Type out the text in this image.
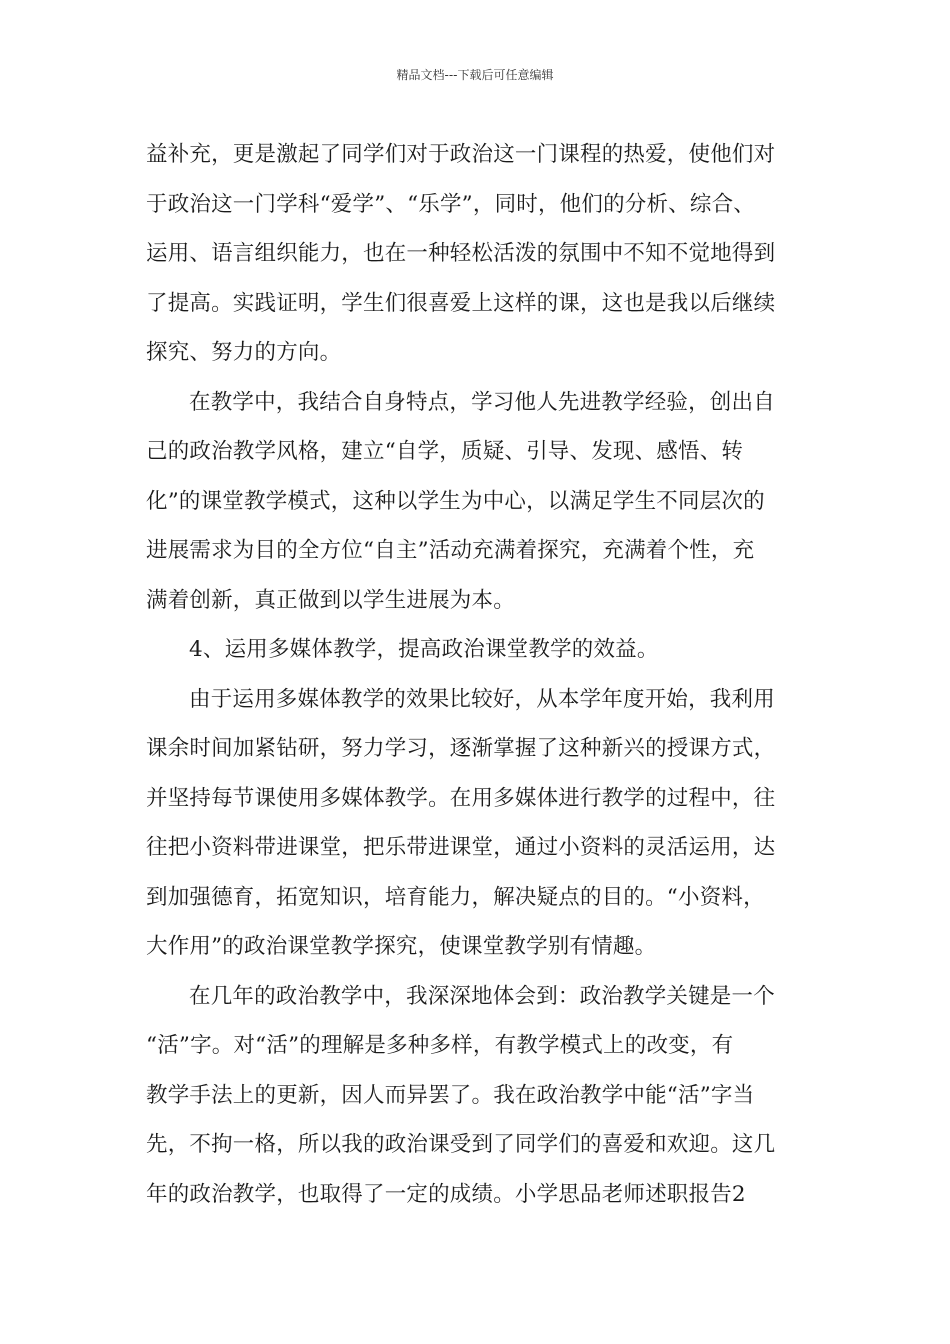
精品文档---下载后可任意编辑
益补充，更是激起了同学们对于政治这一门课程的热爱，使他们对
于政治这一门学科“爱学”、“乐学”，同时，他们的分析、综合、
运用、语言组织能力，也在一种轻松活泼的氛围中不知不觉地得到
了提高。实践证明，学生们很喜爱上这样的课，这也是我以后继续
探究、努力的方向。
在教学中，我结合自身特点，学习他人先进教学经验，创出自
己的政治教学风格，建立“自学，质疑、引导、发现、感悟、转
化”的课堂教学模式，这种以学生为中心，以满足学生不同层次的
进展需求为目的全方位“自主”活动充满着探究，充满着个性，充
满着创新，真正做到以学生进展为本。
4、运用多媒体教学，提高政治课堂教学的效益。
由于运用多媒体教学的效果比较好，从本学年度开始，我利用
课余时间加紧钻研，努力学习，逐渐掌握了这种新兴的授课方式，
并坚持每节课使用多媒体教学。在用多媒体进行教学的过程中，往
往把小资料带进课堂，把乐带进课堂，通过小资料的灵活运用，达
到加强德育，拓宽知识，培育能力，解决疑点的目的。“小资料，
大作用”的政治课堂教学探究，使课堂教学别有情趣。
在几年的政治教学中，我深深地体会到：政治教学关键是一个
“活”字。对“活”的理解是多种多样，有教学模式上的改变，有
教学手法上的更新，因人而异罢了。我在政治教学中能“活”字当
先，不拘一格，所以我的政治课受到了同学们的喜爱和欢迎。这几
年的政治教学，也取得了一定的成绩。小学思品老师述职报告2
